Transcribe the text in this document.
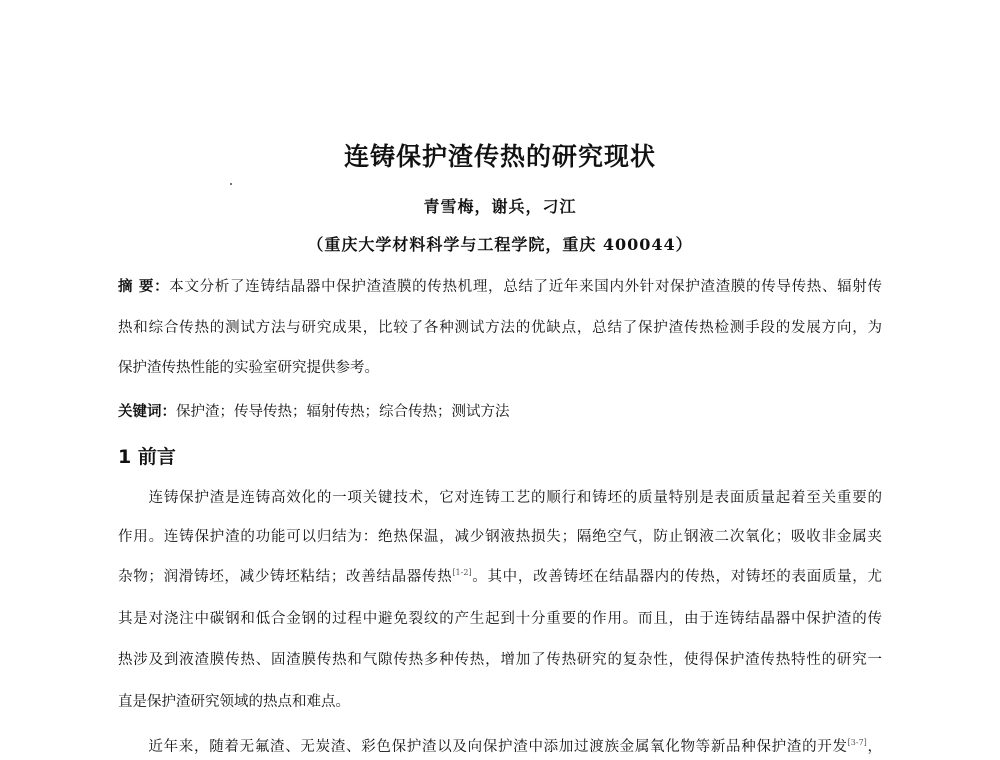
连铸保护渣传热的研究现状
青雪梅，谢兵，刁江
（重庆大学材料科学与工程学院，重庆 400044）
摘 要：本文分析了连铸结晶器中保护渣渣膜的传热机理，总结了近年来国内外针对保护渣渣膜的传导传热、辐射传
热和综合传热的测试方法与研究成果，比较了各种测试方法的优缺点，总结了保护渣传热检测手段的发展方向，为
保护渣传热性能的实验室研究提供参考。
关键词：保护渣；传导传热；辐射传热；综合传热；测试方法
1 前言
　　连铸保护渣是连铸高效化的一项关键技术，它对连铸工艺的顺行和铸坯的质量特别是表面质量起着至关重要的
作用。连铸保护渣的功能可以归结为：绝热保温，减少钢液热损失；隔绝空气，防止钢液二次氧化；吸收非金属夹
杂物；润滑铸坯，减少铸坯粘结；改善结晶器传热[1-2]。其中，改善铸坯在结晶器内的传热，对铸坯的表面质量，尤
其是对浇注中碳钢和低合金钢的过程中避免裂纹的产生起到十分重要的作用。而且，由于连铸结晶器中保护渣的传
热涉及到液渣膜传热、固渣膜传热和气隙传热多种传热，增加了传热研究的复杂性，使得保护渣传热特性的研究一
直是保护渣研究领域的热点和难点。
　　近年来，随着无氟渣、无炭渣、彩色保护渣以及向保护渣中添加过渡族金属氧化物等新品种保护渣的开发[3-7]，
